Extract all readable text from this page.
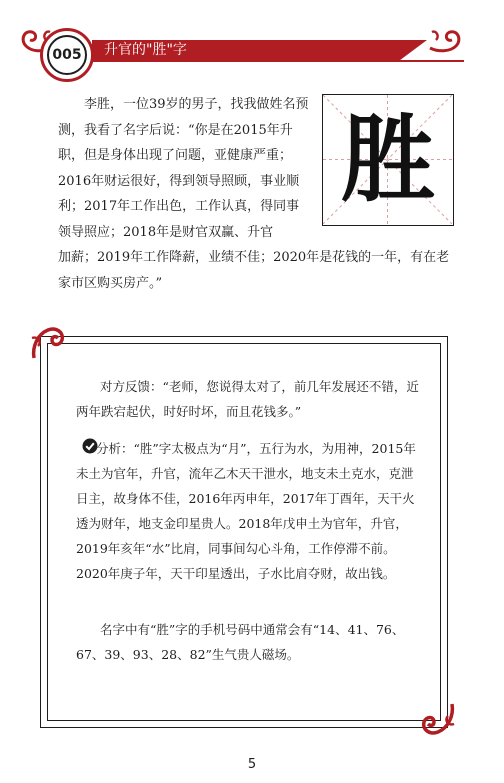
升官的"胜"字
005
胜

李胜，一位39岁的男子，找我做姓名预测，我看了名字后说：“你是在2015年升职，但是身体出现了问题，亚健康严重；2016年财运很好，得到领导照顾，事业顺利；2017年工作出色，工作认真，得同事领导照应；2018年是财官双赢、升官

加薪；2019年工作降薪，业绩不佳；2020年是花钱的一年，有在老家市区购买房产。”

对方反馈：“老师，您说得太对了，前几年发展还不错，近两年跌宕起伏，时好时坏，而且花钱多。”

分析：“胜”字太极点为“月”，五行为水，为用神，2015年未土为官年，升官，流年乙木天干泄水，地支未土克水，克泄日主，故身体不佳，2016年丙申年，2017年丁酉年，天干火透为财年，地支金印星贵人。2018年戊申土为官年，升官，2019年亥年“水”比肩，同事间勾心斗角，工作停滞不前。2020年庚子年，天干印星透出，子水比肩夺财，故出钱。

名字中有“胜”字的手机号码中通常会有“14、41、76、67、39、93、28、82”生气贵人磁场。

5
